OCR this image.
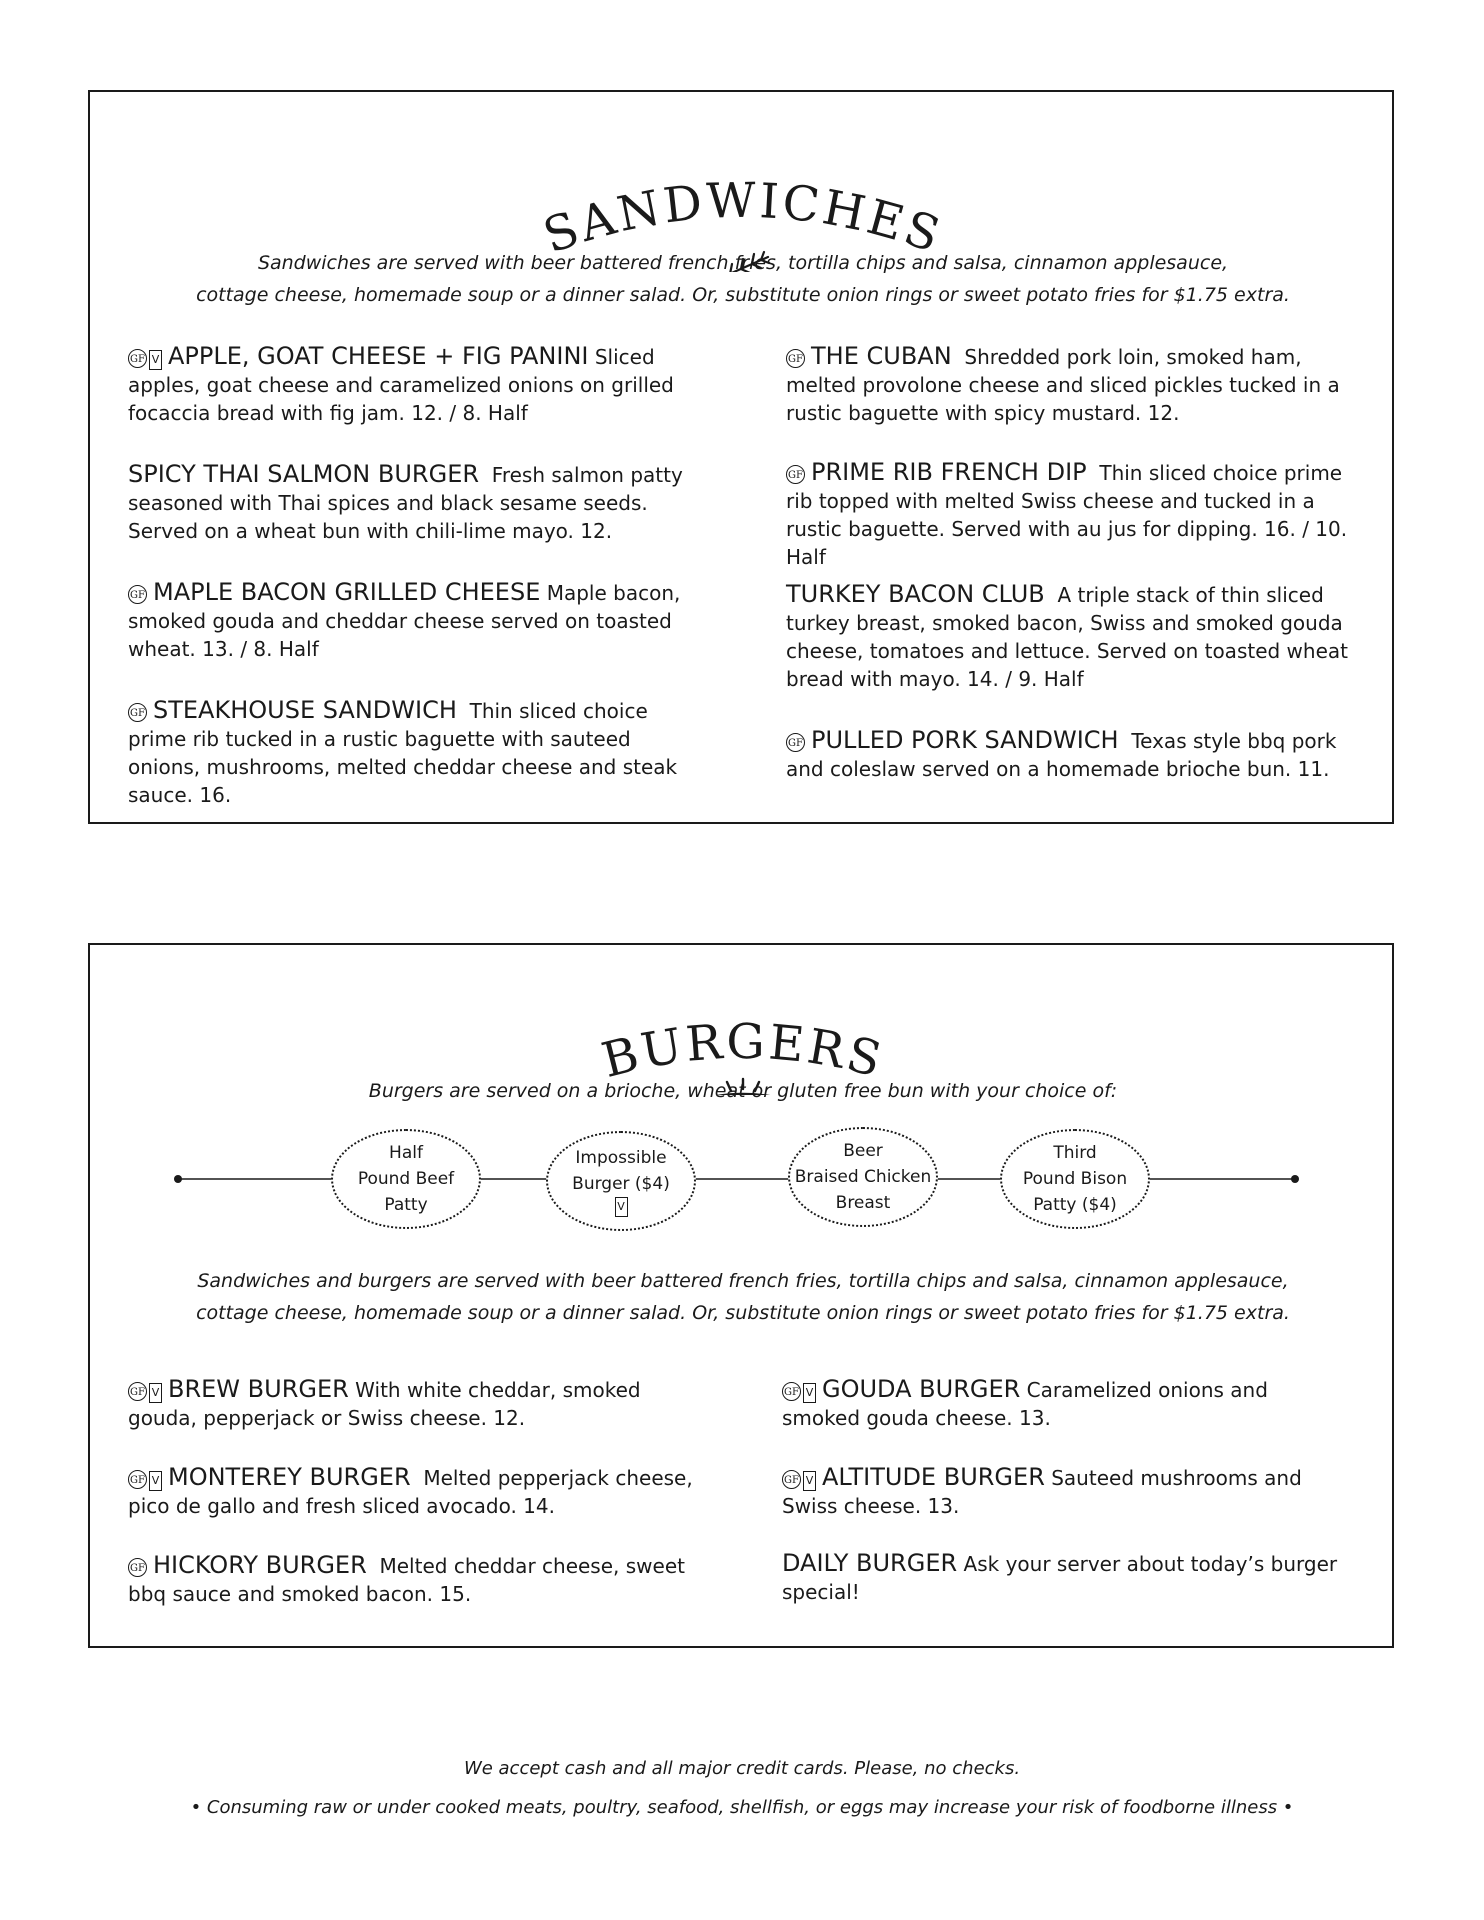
SANDWICHES
Sandwiches are served with beer battered french fries, tortilla chips and salsa, cinnamon applesauce,
cottage cheese, homemade soup or a dinner salad. Or, substitute onion rings or sweet potato fries for $1.75 extra.
GF V APPLE, GOAT CHEESE + FIG PANINI Sliced apples, goat cheese and caramelized onions on grilled focaccia bread with fig jam. 12. / 8. Half
SPICY THAI SALMON BURGER Fresh salmon patty seasoned with Thai spices and black sesame seeds. Served on a wheat bun with chili-lime mayo. 12.
GF MAPLE BACON GRILLED CHEESE Maple bacon, smoked gouda and cheddar cheese served on toasted wheat. 13. / 8. Half
GF STEAKHOUSE SANDWICH Thin sliced choice prime rib tucked in a rustic baguette with sauteed onions, mushrooms, melted cheddar cheese and steak sauce. 16.
GF THE CUBAN Shredded pork loin, smoked ham, melted provolone cheese and sliced pickles tucked in a rustic baguette with spicy mustard. 12.
GF PRIME RIB FRENCH DIP Thin sliced choice prime rib topped with melted Swiss cheese and tucked in a rustic baguette. Served with au jus for dipping. 16. / 10. Half
TURKEY BACON CLUB A triple stack of thin sliced turkey breast, smoked bacon, Swiss and smoked gouda cheese, tomatoes and lettuce. Served on toasted wheat bread with mayo. 14. / 9. Half
GF PULLED PORK SANDWICH Texas style bbq pork and coleslaw served on a homemade brioche bun. 11.
BURGERS
Burgers are served on a brioche, wheat or gluten free bun with your choice of:
Half
Pound Beef
Patty
Impossible
Burger ($4)
V
Beer
Braised Chicken
Breast
Third
Pound Bison
Patty ($4)
Sandwiches and burgers are served with beer battered french fries, tortilla chips and salsa, cinnamon applesauce,
cottage cheese, homemade soup or a dinner salad. Or, substitute onion rings or sweet potato fries for $1.75 extra.
GF V BREW BURGER With white cheddar, smoked gouda, pepperjack or Swiss cheese. 12.
GF V MONTEREY BURGER Melted pepperjack cheese, pico de gallo and fresh sliced avocado. 14.
GF HICKORY BURGER Melted cheddar cheese, sweet bbq sauce and smoked bacon. 15.
GF V GOUDA BURGER Caramelized onions and smoked gouda cheese. 13.
GF V ALTITUDE BURGER Sauteed mushrooms and Swiss cheese. 13.
DAILY BURGER Ask your server about today’s burger special!
We accept cash and all major credit cards. Please, no checks.
• Consuming raw or under cooked meats, poultry, seafood, shellfish, or eggs may increase your risk of foodborne illness •
